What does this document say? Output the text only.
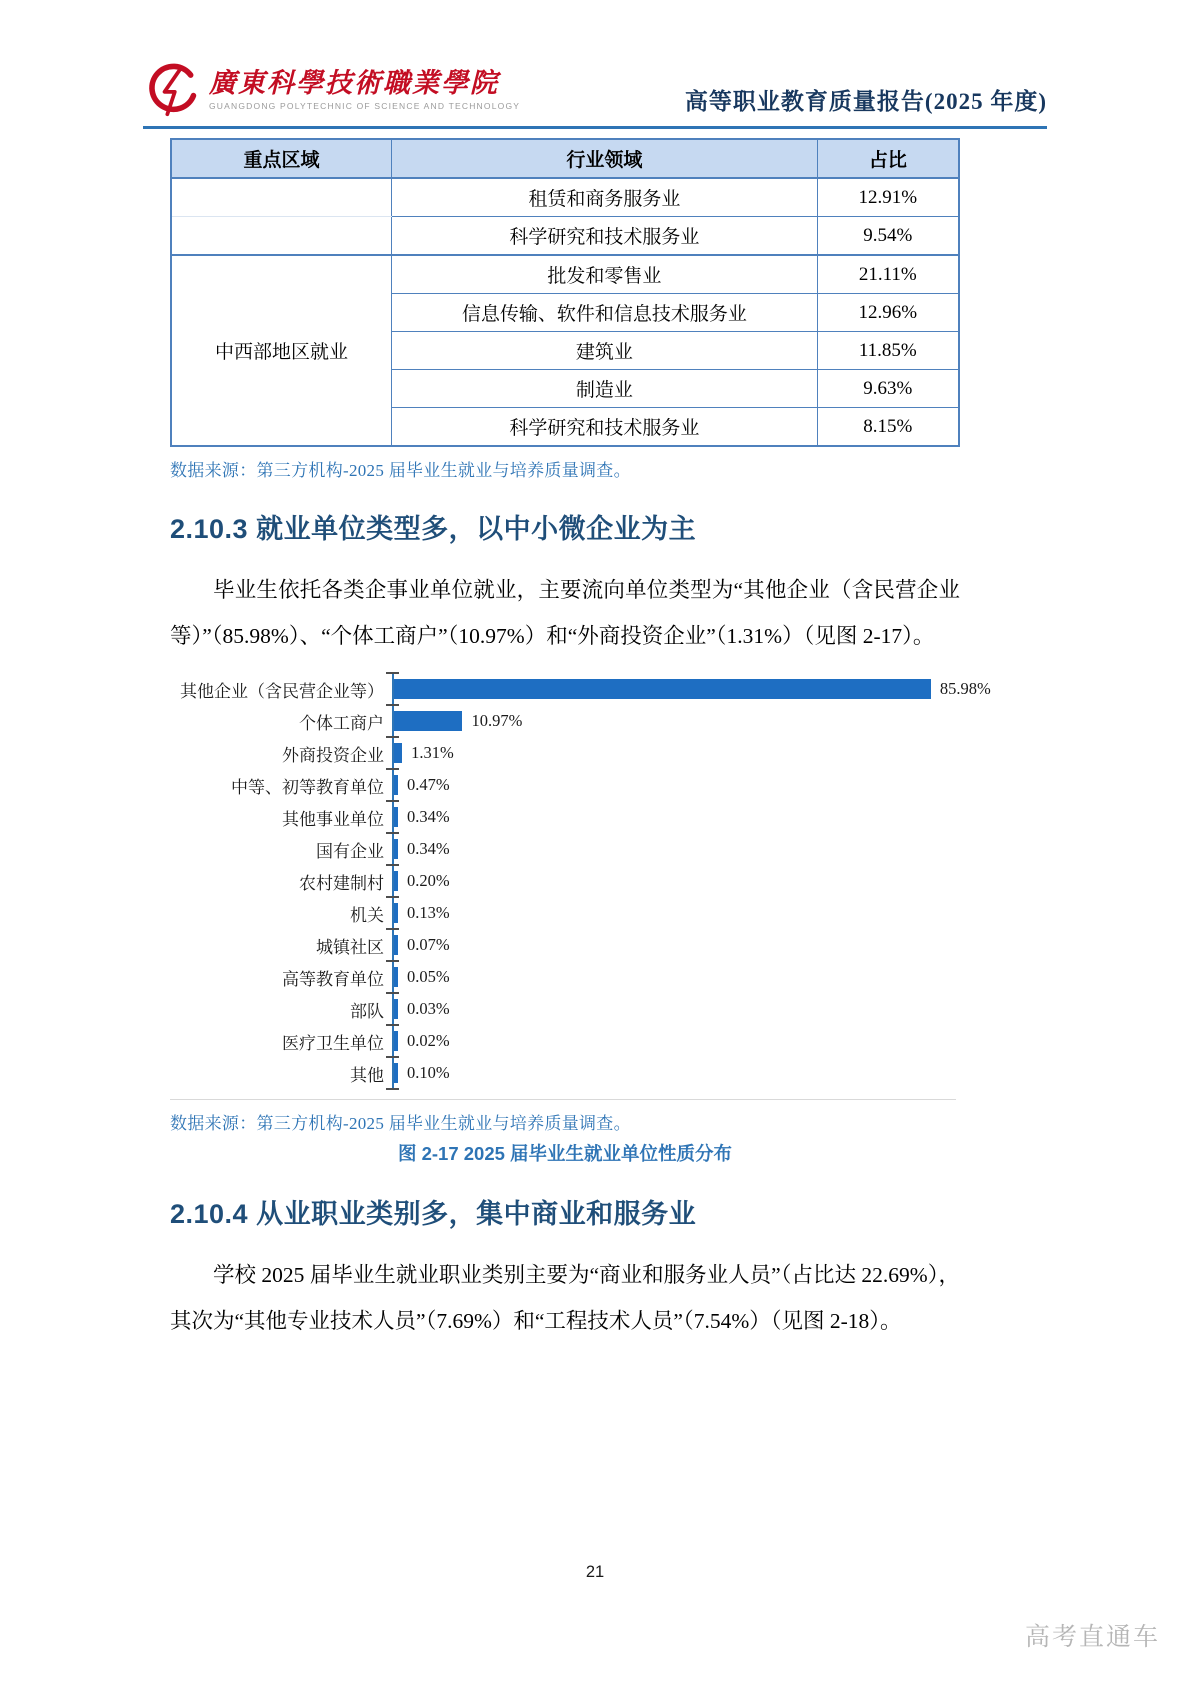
廣東科學技術職業學院
GUANGDONG POLYTECHNIC OF SCIENCE AND TECHNOLOGY	高等职业教育质量报告(2025 年度)
重点区域	行业领域	占比
	租赁和商务服务业	12.91%
	科学研究和技术服务业	9.54%
中西部地区就业	批发和零售业	21.11%
	信息传输、软件和信息技术服务业	12.96%
	建筑业	11.85%
	制造业	9.63%
	科学研究和技术服务业	8.15%
数据来源：第三方机构-2025 届毕业生就业与培养质量调查。
2.10.3 就业单位类型多，以中小微企业为主
毕业生依托各类企事业单位就业，主要流向单位类型为“其他企业（含民营企业等）”（85.98%）、“个体工商户”（10.97%）和“外商投资企业”（1.31%）（见图 2-17）。
其他企业（含民营企业等）	85.98%
个体工商户	10.97%
外商投资企业	1.31%
中等、初等教育单位	0.47%
其他事业单位	0.34%
国有企业	0.34%
农村建制村	0.20%
机关	0.13%
城镇社区	0.07%
高等教育单位	0.05%
部队	0.03%
医疗卫生单位	0.02%
其他	0.10%
数据来源：第三方机构-2025 届毕业生就业与培养质量调查。
图 2-17 2025 届毕业生就业单位性质分布
2.10.4 从业职业类别多，集中商业和服务业
学校 2025 届毕业生就业职业类别主要为“商业和服务业人员”（占比达 22.69%），其次为“其他专业技术人员”（7.69%）和“工程技术人员”（7.54%）（见图 2-18）。
21
高考直通车
